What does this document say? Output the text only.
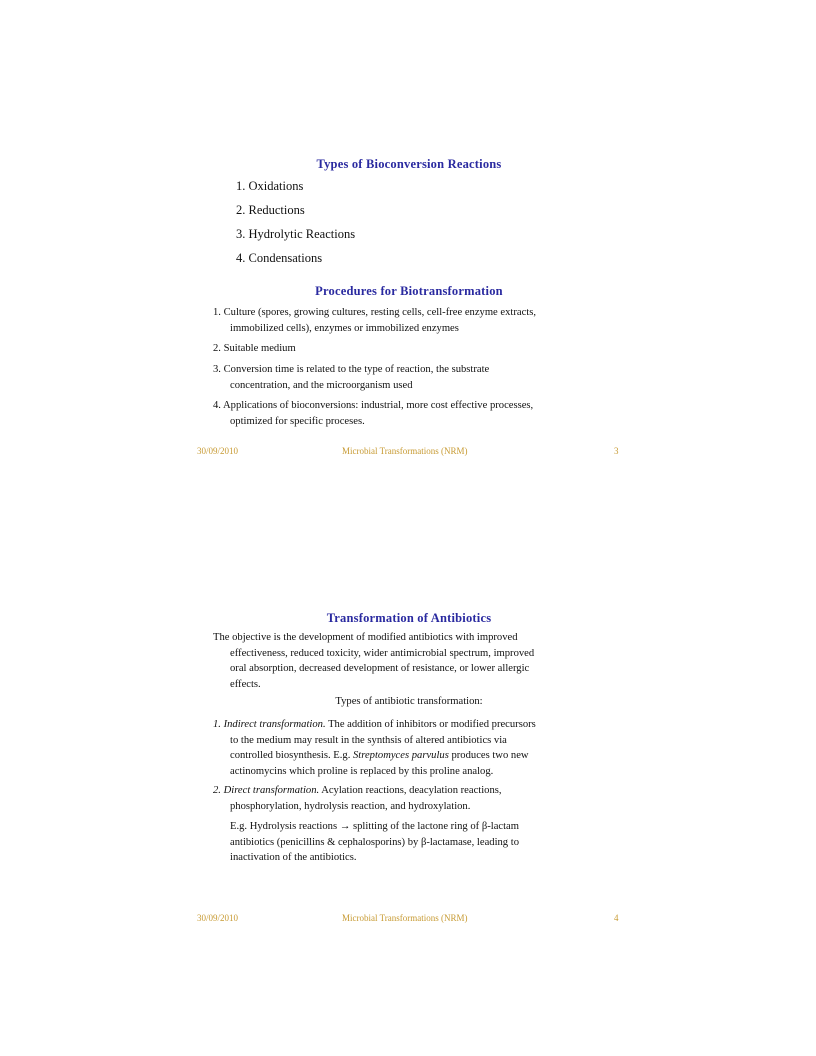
Types of Bioconversion Reactions
1. Oxidations
2. Reductions
3. Hydrolytic Reactions
4. Condensations
Procedures for Biotransformation
1. Culture (spores, growing cultures, resting cells, cell-free enzyme extracts,
immobilized cells), enzymes or immobilized enzymes
2. Suitable medium
3. Conversion time is related to the type of reaction, the substrate
concentration, and the microorganism used
4. Applications of bioconversions: industrial, more cost effective processes,
optimized for specific proceses.
30/09/2010	Microbial Transformations (NRM)	3
Transformation of Antibiotics
The objective is the development of modified antibiotics with improved
effectiveness, reduced toxicity, wider antimicrobial spectrum, improved
oral absorption, decreased development of resistance, or lower allergic
effects.
Types of antibiotic transformation:
1. Indirect transformation. The addition of inhibitors or modified precursors
to the medium may result in the synthsis of altered antibiotics via
controlled biosynthesis. E.g. Streptomyces parvulus produces two new
actinomycins which proline is replaced by this proline analog.
2. Direct transformation. Acylation reactions, deacylation reactions,
phosphorylation, hydrolysis reaction, and hydroxylation.
E.g. Hydrolysis reactions → splitting of the lactone ring of β-lactam
antibiotics (penicillins & cephalosporins) by β-lactamase, leading to
inactivation of the antibiotics.
30/09/2010	Microbial Transformations (NRM)	4
